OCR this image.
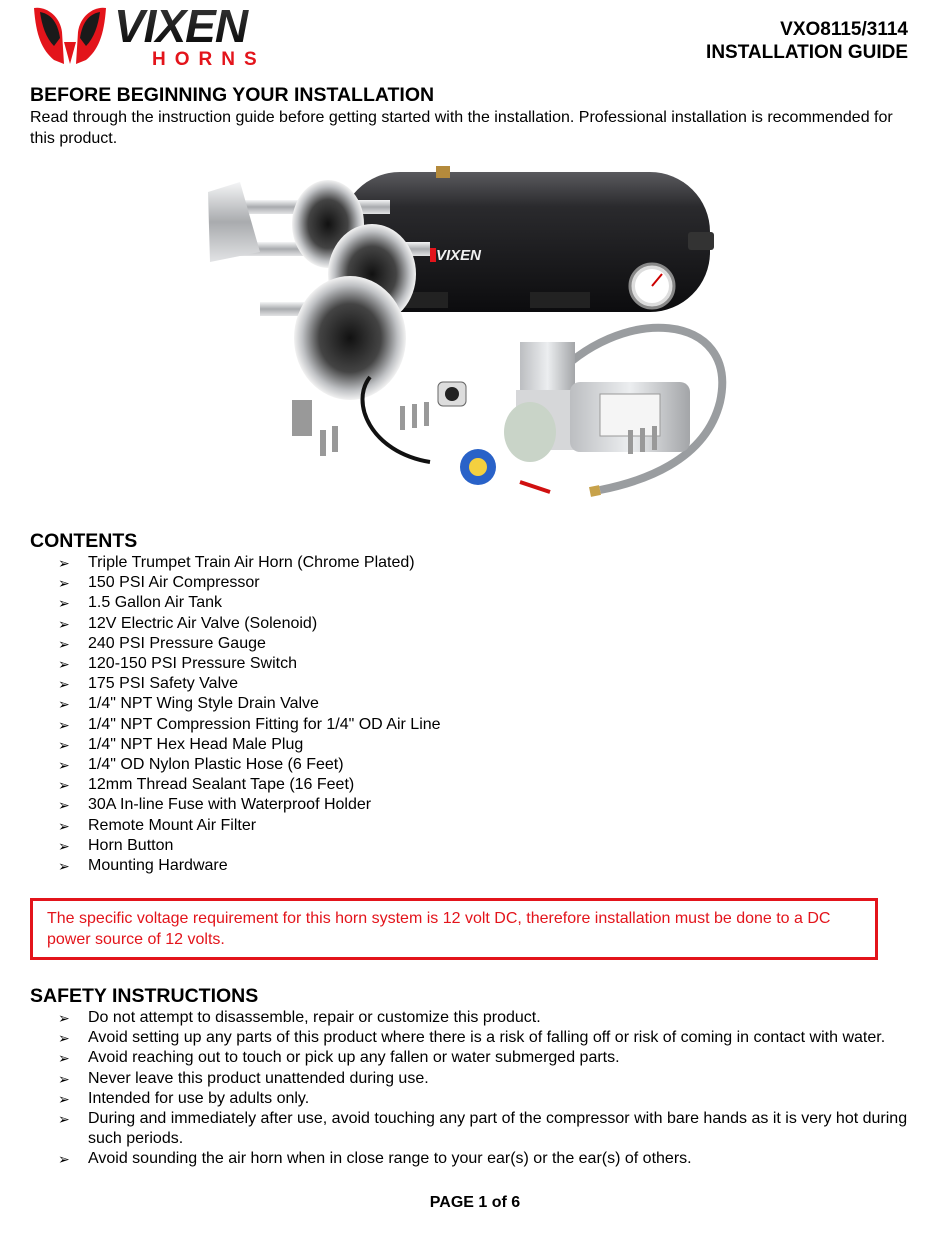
VIXEN
HORNS
VXO8115/3114
INSTALLATION GUIDE
BEFORE BEGINNING YOUR INSTALLATION

Read through the instruction guide before getting started with the installation. Professional installation is recommended for this product.

VIXEN
CONTENTS
➢ Triple Trumpet Train Air Horn (Chrome Plated)
➢ 150 PSI Air Compressor
➢ 1.5 Gallon Air Tank
➢ 12V Electric Air Valve (Solenoid)
➢ 240 PSI Pressure Gauge
➢ 120-150 PSI Pressure Switch
➢ 175 PSI Safety Valve
➢ 1/4" NPT Wing Style Drain Valve
➢ 1/4" NPT Compression Fitting for 1/4" OD Air Line
➢ 1/4" NPT Hex Head Male Plug
➢ 1/4" OD Nylon Plastic Hose (6 Feet)
➢ 12mm Thread Sealant Tape (16 Feet)
➢ 30A In-line Fuse with Waterproof Holder
➢ Remote Mount Air Filter
➢ Horn Button
➢ Mounting Hardware
The specific voltage requirement for this horn system is 12 volt DC, therefore installation must be done to a DC power source of 12 volts.
SAFETY INSTRUCTIONS
➢ Do not attempt to disassemble, repair or customize this product.
➢ Avoid setting up any parts of this product where there is a risk of falling off or risk of coming in contact with water.
➢ Avoid reaching out to touch or pick up any fallen or water submerged parts.
➢ Never leave this product unattended during use.
➢ Intended for use by adults only.
➢ During and immediately after use, avoid touching any part of the compressor with bare hands as it is very hot during such periods.
➢ Avoid sounding the air horn when in close range to your ear(s) or the ear(s) of others.
PAGE 1 of 6
